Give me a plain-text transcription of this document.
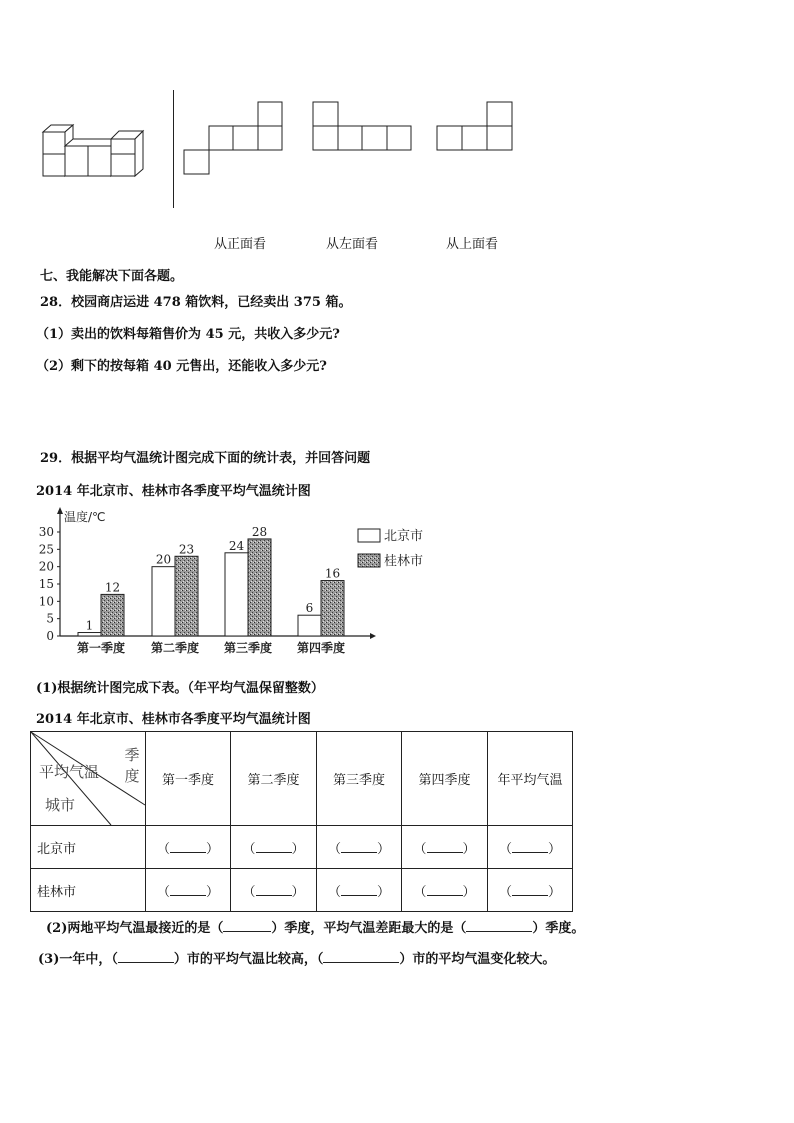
从正面看	从左面看	从上面看
七、我能解决下面各题。
28．校园商店运进 478 箱饮料，已经卖出 375 箱。
（1）卖出的饮料每箱售价为 45 元，共收入多少元?
（2）剩下的按每箱 40 元售出，还能收入多少元?
29．根据平均气温统计图完成下面的统计表，并回答问题
2014 年北京市、桂林市各季度平均气温统计图
温度/℃
0
5
10
15
20
25
30
1
12
第一季度
20
23
第二季度
24
28
第三季度
6
16
第四季度
北京市
桂林市
(1)根据统计图完成下表。（年平均气温保留整数）
2014 年北京市、桂林市各季度平均气温统计图
季度
平均气温
城市	第一季度	第二季度	第三季度	第四季度	年平均气温
北京市	（ ）	（ ）	（ ）	（ ）	（ ）
桂林市	（ ）	（ ）	（ ）	（ ）	（ ）
(2)两地平均气温最接近的是（	）季度，平均气温差距最大的是（	）季度。
(3)一年中，（	）市的平均气温比较高，（	）市的平均气温变化较大。
